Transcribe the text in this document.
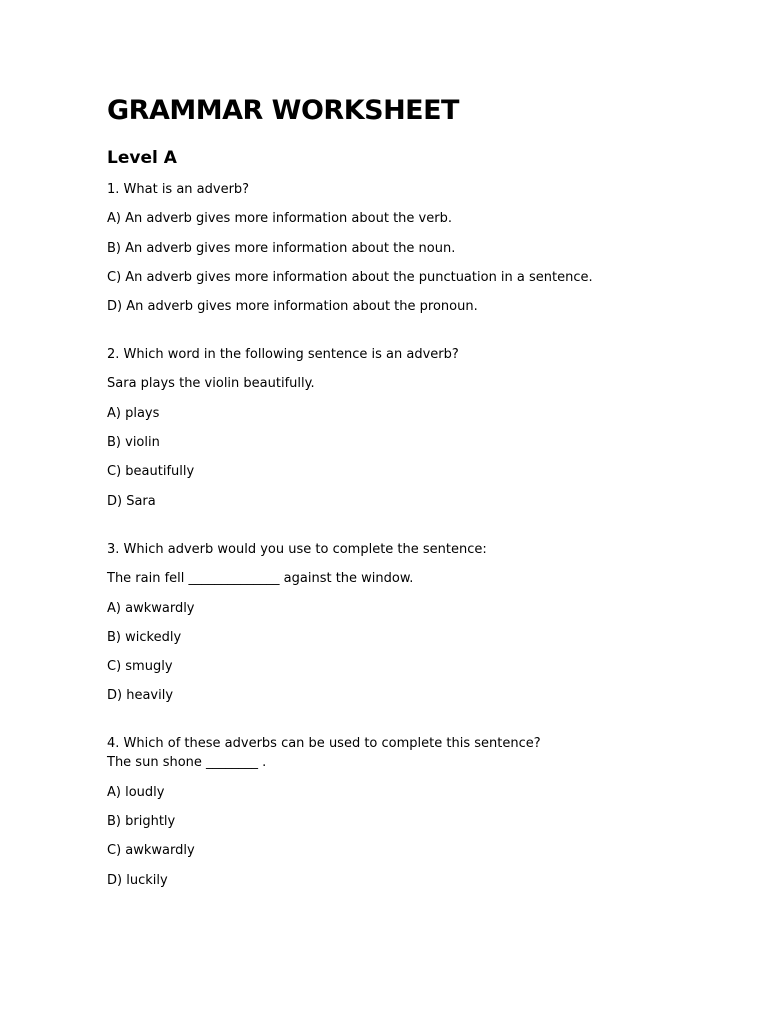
GRAMMAR WORKSHEET
Level A
1. What is an adverb?
A) An adverb gives more information about the verb.
B) An adverb gives more information about the noun.
C) An adverb gives more information about the punctuation in a sentence.
D) An adverb gives more information about the pronoun.
2. Which word in the following sentence is an adverb?
Sara plays the violin beautifully.
A) plays
B) violin
C) beautifully
D) Sara
3. Which adverb would you use to complete the sentence:
The rain fell ______________ against the window.
A) awkwardly
B) wickedly
C) smugly
D) heavily
4. Which of these adverbs can be used to complete this sentence?
The sun shone ________ .
A) loudly
B) brightly
C) awkwardly
D) luckily
